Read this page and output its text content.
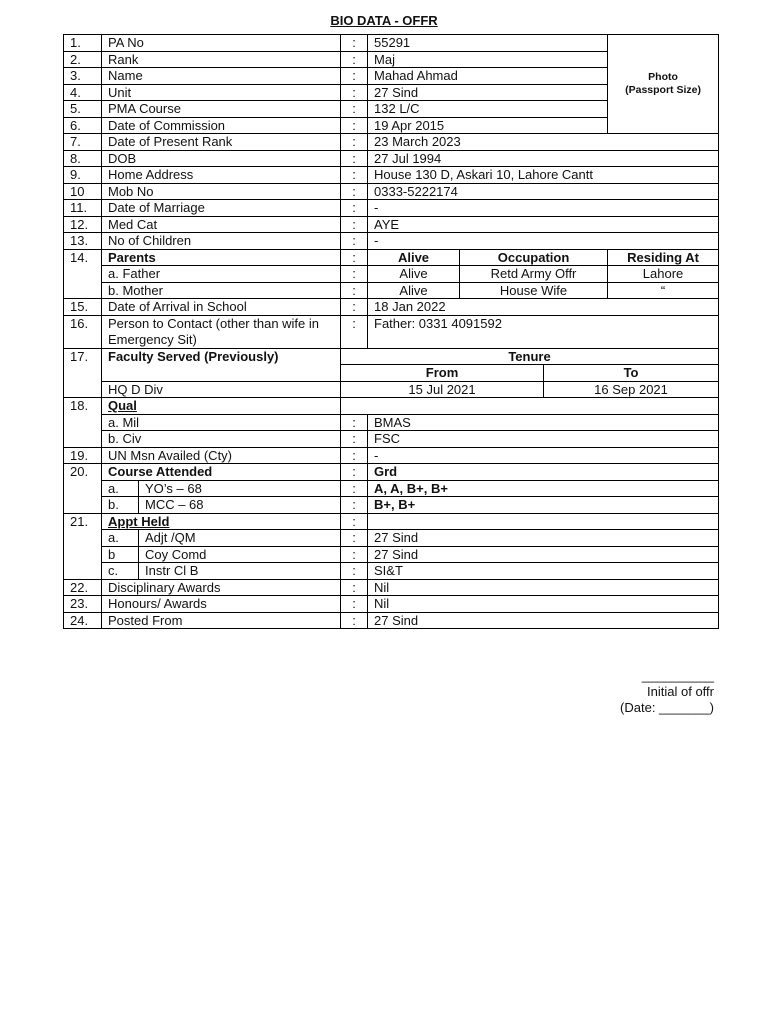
BIO DATA - OFFR
1.	PA No		:	55291			Photo
(Passport Size)

2.	Rank		:	Maj			
3.	Name		:	Mahad Ahmad			
4.	Unit		:	27 Sind			
5.	PMA Course		:	132 L/C			
6.	Date of Commission		:	19 Apr 2015			
7.	Date of Present Rank		:	23 March 2023			
8.	DOB		:	27 Jul 1994			
9.	Home Address		:	House 130 D, Askari 10, Lahore Cantt			
10	Mob No		:	0333-5222174			
11.	Date of Marriage		:	-			
12.	Med Cat		:	AYE			
13.	No of Children		:	-			
14.	Parents		:	Alive	Occupation		Residing At
	a. Father		:	Alive	Retd Army Offr		Lahore
	b. Mother		:	Alive	House Wife		“
15.	Date of Arrival in School		:	18 Jan 2022			
16.	Person to Contact (other than wife in Emergency Sit)		:	Father: 0331 4091592			
17.	Faculty Served (Previously)		Tenure				
			From			To	
	HQ D Div		15 Jul 2021			16 Sep 2021	
18.	Qual						
	a. Mil		:	BMAS			
	b. Civ		:	FSC			
19.	UN Msn Availed (Cty)		:	-			
20.	Course Attended		:	Grd			
	a.	YO’s – 68	:	A, A, B+, B+			
	b.	MCC – 68	:	B+, B+			
21.	Appt Held		:				
	a.	Adjt /QM	:	27 Sind			
	b	Coy Comd	:	27 Sind			
	c.	Instr Cl B	:	SI&T			
22.	Disciplinary Awards		:	Nil			
23.	Honours/ Awards		:	Nil			
24.	Posted From		:	27 Sind			
__________
Initial of offr
(Date: _______)
